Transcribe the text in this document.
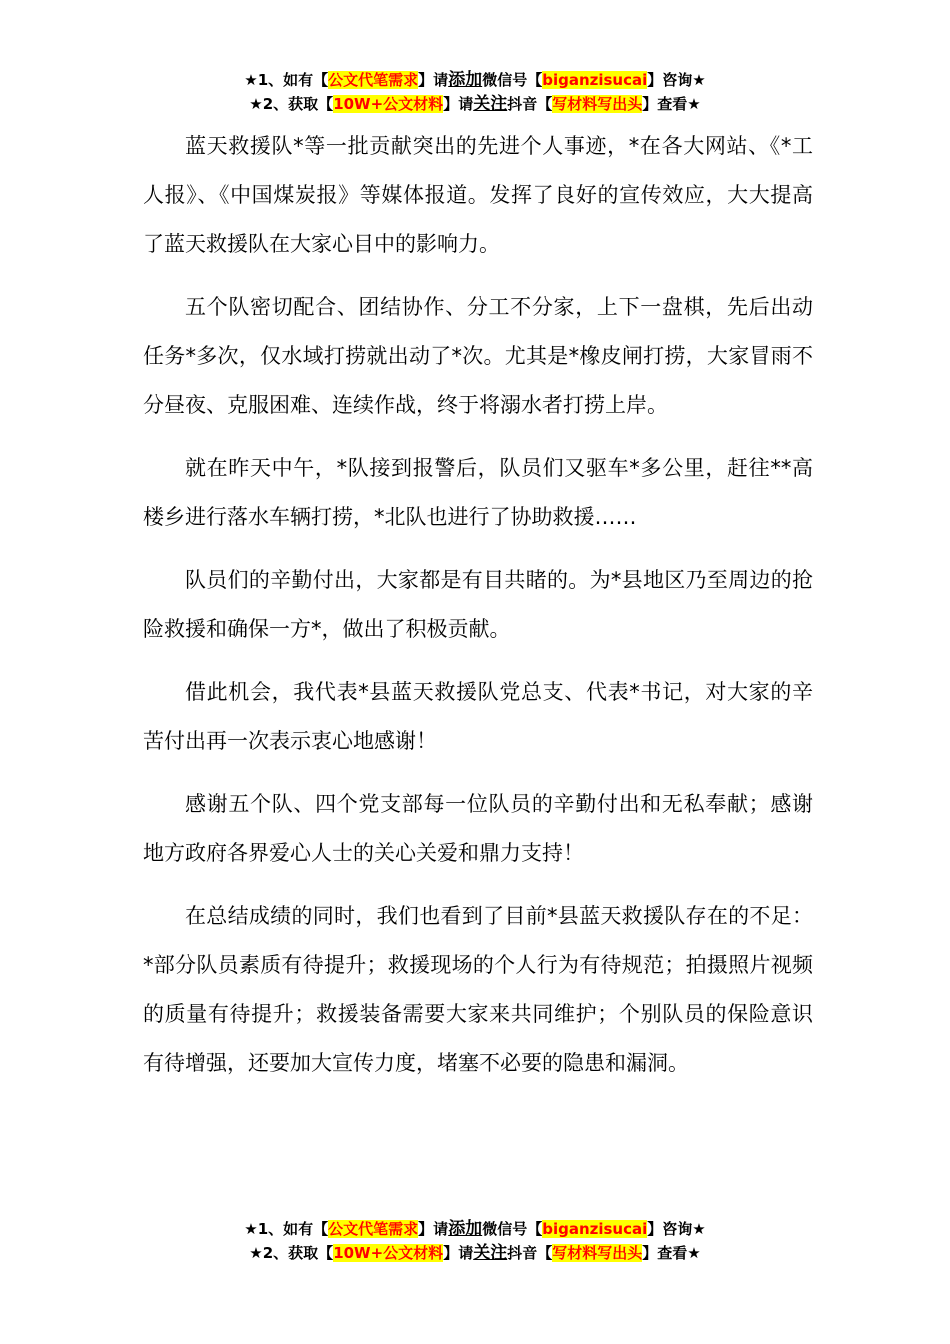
★1、如有【公文代笔需求】请添加微信号【biganzisucai】咨询★
★2、获取【10W+公文材料】请关注抖音【写材料写出头】查看★

蓝天救援队*等一批贡献突出的先进个人事迹，*在各大网站、《*工人报》、《中国煤炭报》等媒体报道。发挥了良好的宣传效应，大大提高了蓝天救援队在大家心目中的影响力。

五个队密切配合、团结协作、分工不分家，上下一盘棋，先后出动任务*多次，仅水域打捞就出动了*次。尤其是*橡皮闸打捞，大家冒雨不分昼夜、克服困难、连续作战，终于将溺水者打捞上岸。

就在昨天中午，*队接到报警后，队员们又驱车*多公里，赶往**高楼乡进行落水车辆打捞，*北队也进行了协助救援……

队员们的辛勤付出，大家都是有目共睹的。为*县地区乃至周边的抢险救援和确保一方*，做出了积极贡献。

借此机会，我代表*县蓝天救援队党总支、代表*书记，对大家的辛苦付出再一次表示衷心地感谢！

感谢五个队、四个党支部每一位队员的辛勤付出和无私奉献；感谢地方政府各界爱心人士的关心关爱和鼎力支持！

在总结成绩的同时，我们也看到了目前*县蓝天救援队存在的不足：*部分队员素质有待提升；救援现场的个人行为有待规范；拍摄照片视频的质量有待提升；救援装备需要大家来共同维护；个别队员的保险意识有待增强，还要加大宣传力度，堵塞不必要的隐患和漏洞。

★1、如有【公文代笔需求】请添加微信号【biganzisucai】咨询★
★2、获取【10W+公文材料】请关注抖音【写材料写出头】查看★
